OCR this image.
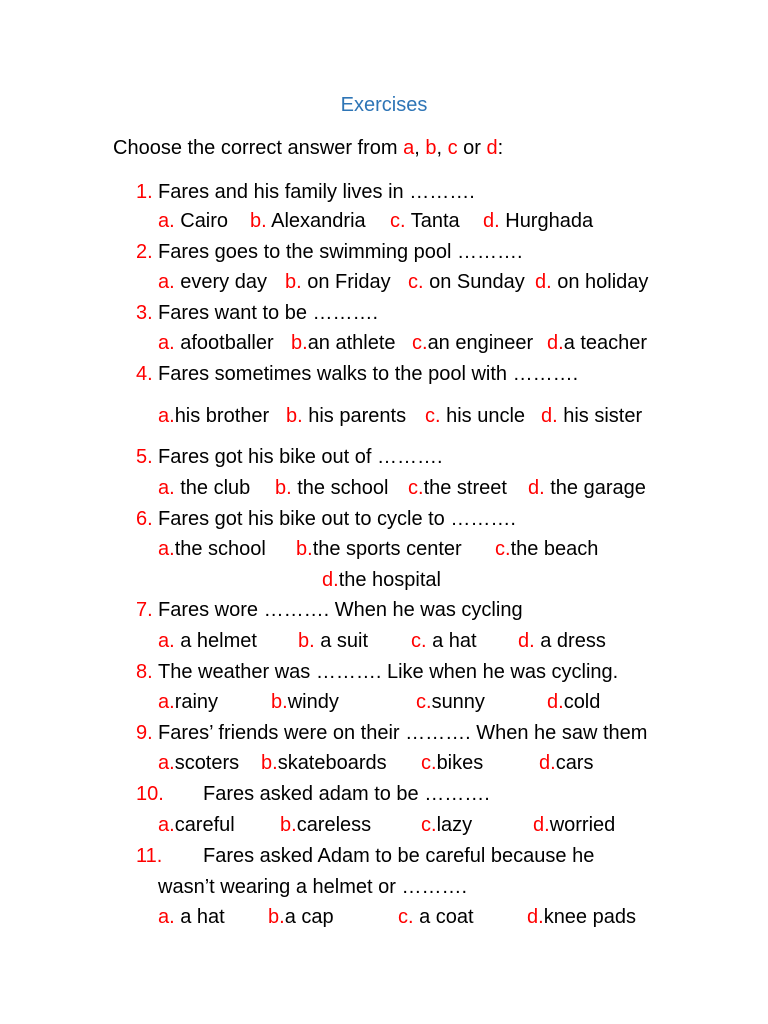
Exercises
Choose the correct answer from a, b, c or d:
1. Fares and his family lives in ……….
a. Cairo b. Alexandria c. Tanta d. Hurghada
2. Fares goes to the swimming pool ……….
a. every day b. on Friday c. on Sunday d. on holiday
3. Fares want to be ……….
a. afootballer b.an athlete c.an engineer d.a teacher
4. Fares sometimes walks to the pool with ……….
a.his brother b. his parents c. his uncle d. his sister
5. Fares got his bike out of ……….
a. the club b. the school c.the street d. the garage
6. Fares got his bike out to cycle to ……….
a.the school b.the sports center c.the beach
d.the hospital
7. Fares wore ………. When he was cycling
a. a helmet b. a suit c. a hat d. a dress
8. The weather was ………. Like when he was cycling.
a.rainy	b.windy	c.sunny	d.cold
9. Fares’ friends were on their ………. When he saw them
a.scoters b.skateboards c.bikes	d.cars
10. Fares asked adam to be ……….
a.careful b.careless c.lazy	d.worried
11. Fares asked Adam to be careful because he
wasn’t wearing a helmet or ……….
a. a hat b.a cap	c. a coat	d.knee pads
